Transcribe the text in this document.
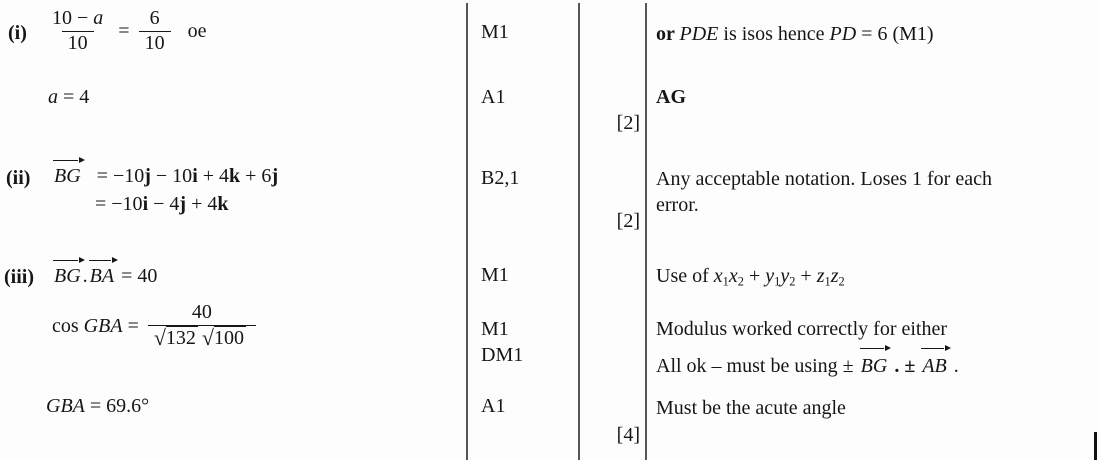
$(i) \frac{10 - a}{10} = \frac{6}{10}$ oe
a = 4
(ii) BG = −10j − 10i + 4k + 6j
= −10i − 4j + 4k
(iii) BG . BA = 40
cos GBA = $\frac{40}{√ 132 √ 100}$
GBA = 69.6°
M1
A1
B2,1
M1
M1
DM1
A1
[2]
[2]
[4]
or PDE is isos hence PD = 6 (M1)
AG
Any acceptable notation. Loses 1 for each error.
Use of $x_1x_2 + y_1y_2 + z_1z_2$
Modulus worked correctly for either
All ok – must be using ± BG . ± AB .
Must be the acute angle
